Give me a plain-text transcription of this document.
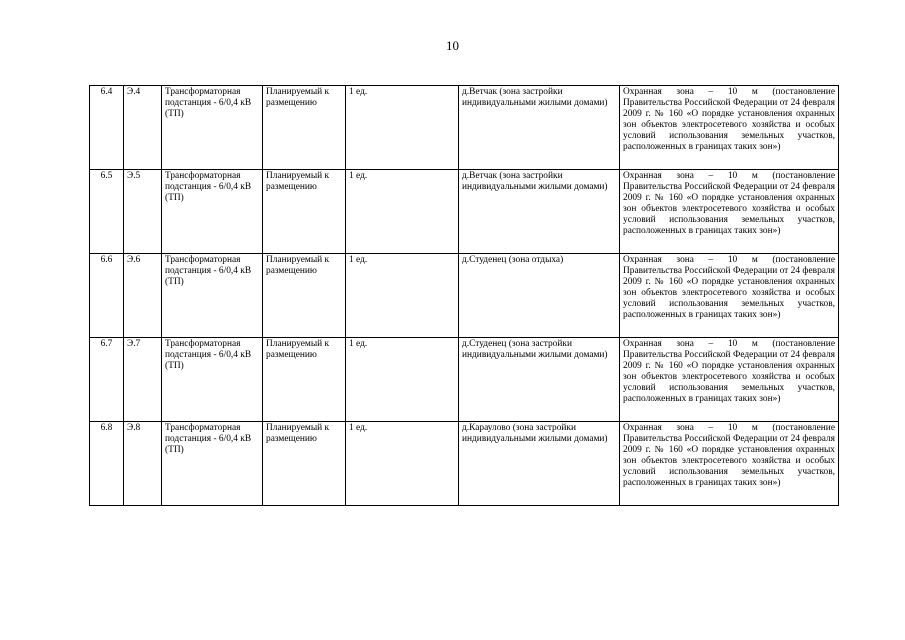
10
6.4	Э.4	Трансформаторная подстанция - 6/0,4 кВ (ТП)	Планируемый к размещению	1 ед.	д.Ветчак (зона застройки индивидуальными жилыми домами)	Охранная зона – 10 м (постановление Правительства Российской Федерации от 24 февраля 2009 г. № 160 «О порядке установления охранных зон объектов электросетевого хозяйства и особых условий использования земельных участков, расположенных в границах таких зон»)
6.5	Э.5	Трансформаторная подстанция - 6/0,4 кВ (ТП)	Планируемый к размещению	1 ед.	д.Ветчак (зона застройки индивидуальными жилыми домами)	Охранная зона – 10 м (постановление Правительства Российской Федерации от 24 февраля 2009 г. № 160 «О порядке установления охранных зон объектов электросетевого хозяйства и особых условий использования земельных участков, расположенных в границах таких зон»)
6.6	Э.6	Трансформаторная подстанция - 6/0,4 кВ (ТП)	Планируемый к размещению	1 ед.	д.Студенец (зона отдыха)	Охранная зона – 10 м (постановление Правительства Российской Федерации от 24 февраля 2009 г. № 160 «О порядке установления охранных зон объектов электросетевого хозяйства и особых условий использования земельных участков, расположенных в границах таких зон»)
6.7	Э.7	Трансформаторная подстанция - 6/0,4 кВ (ТП)	Планируемый к размещению	1 ед.	д.Студенец (зона застройки индивидуальными жилыми домами)	Охранная зона – 10 м (постановление Правительства Российской Федерации от 24 февраля 2009 г. № 160 «О порядке установления охранных зон объектов электросетевого хозяйства и особых условий использования земельных участков, расположенных в границах таких зон»)
6.8	Э.8	Трансформаторная подстанция - 6/0,4 кВ (ТП)	Планируемый к размещению	1 ед.	д.Караулово (зона застройки индивидуальными жилыми домами)	Охранная зона – 10 м (постановление Правительства Российской Федерации от 24 февраля 2009 г. № 160 «О порядке установления охранных зон объектов электросетевого хозяйства и особых условий использования земельных участков, расположенных в границах таких зон»)
